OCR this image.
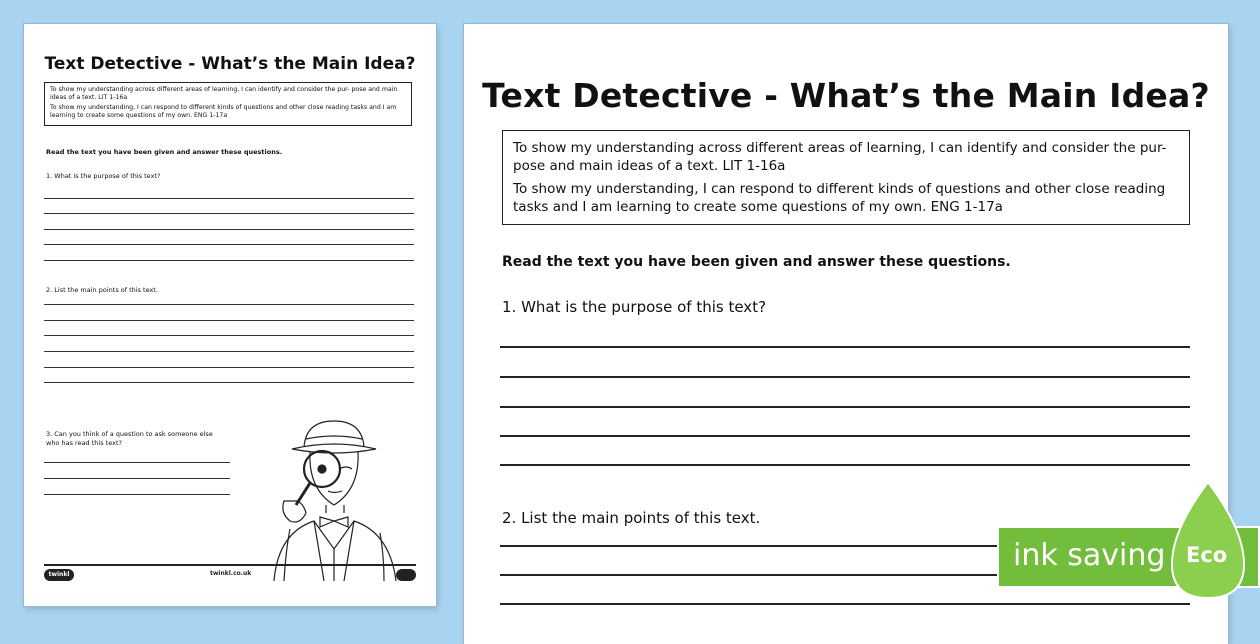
Text Detective - What’s the Main Idea?

To show my understanding across different areas of learning, I can identify and consider the pur- pose and main ideas of a text. LIT 1-16a

To show my understanding, I can respond to different kinds of questions and other close reading tasks and I am learning to create some questions of my own. ENG 1-17a

Read the text you have been given and answer these questions.
1. What is the purpose of this text?
2. List the main points of this text.
3. Can you think of a question to ask someone else who has read this text?
twinkl	twinkl.co.uk
Text Detective - What’s the Main Idea?

To show my understanding across different areas of learning, I can identify and consider the pur- pose and main ideas of a text. LIT 1-16a

To show my understanding, I can respond to different kinds of questions and other close reading tasks and I am learning to create some questions of my own. ENG 1-17a

Read the text you have been given and answer these questions.
1. What is the purpose of this text?
2. List the main points of this text.
ink saving Eco
